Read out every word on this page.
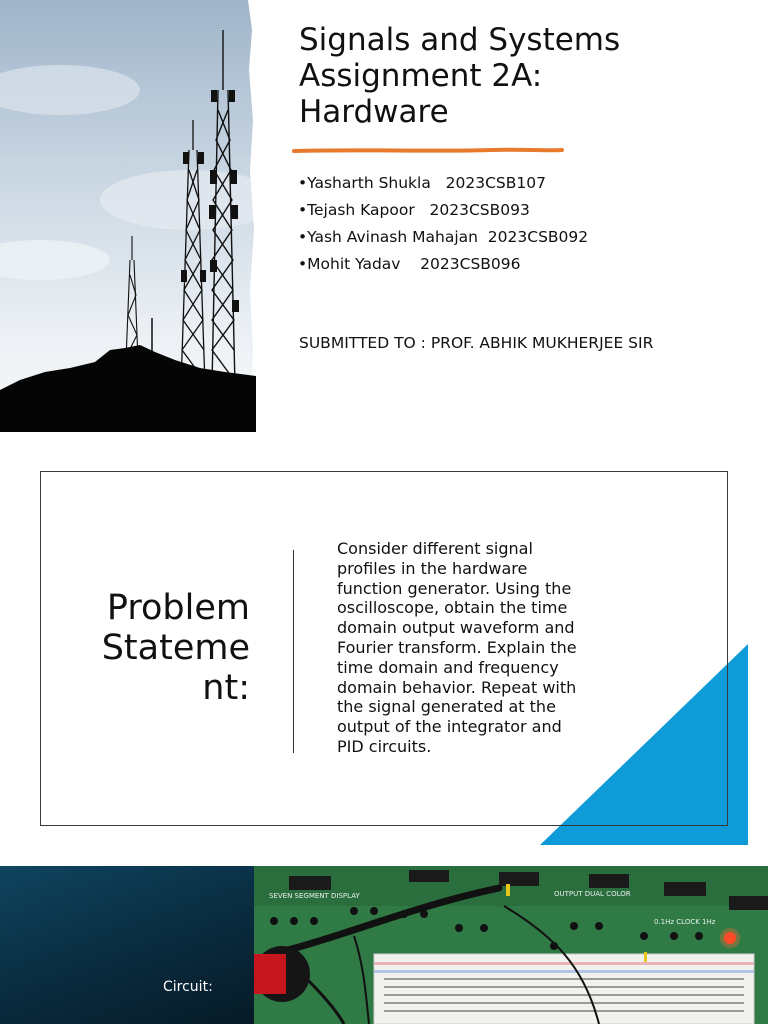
Signals and Systems
Assignment 2A:
Hardware
•Yasharth Shukla   2023CSB107
•Tejash Kapoor   2023CSB093
•Yash Avinash Mahajan  2023CSB092
•Mohit Yadav    2023CSB096
SUBMITTED TO : PROF. ABHIK MUKHERJEE SIR
Problem
Stateme
nt:

Consider different signal
profiles in the hardware
function generator. Using the
oscilloscope, obtain the time
domain output waveform and
Fourier transform. Explain the
time domain and frequency
domain behavior. Repeat with
the signal generated at the
output of the integrator and
PID circuits.

Circuit:
SEVEN SEGMENT DISPLAY	OUTPUT DUAL COLOR
0.1Hz CLOCK 1Hz
